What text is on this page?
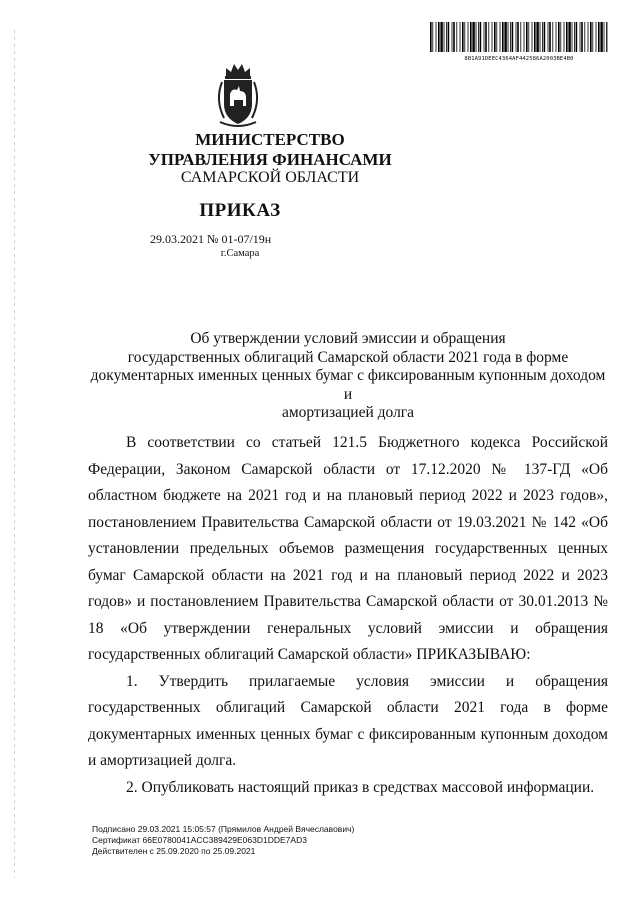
8B1A91DEEC4364AF442586A2003BE4B0
МИНИСТЕРСТВО
УПРАВЛЕНИЯ ФИНАНСАМИ
САМАРСКОЙ ОБЛАСТИ
ПРИКАЗ
29.03.2021 № 01-07/19н
г.Самара
Об утверждении условий эмиссии и обращения
государственных облигаций Самарской области 2021 года в форме
документарных именных ценных бумаг с фиксированным купонным доходом и
амортизацией долга

В соответствии со статьей 121.5 Бюджетного кодекса Российской Федерации, Законом Самарской области от 17.12.2020 № 137-ГД «Об областном бюджете на 2021 год и на плановый период 2022 и 2023 годов», постановлением Правительства Самарской области от 19.03.2021 № 142 «Об установлении предельных объемов размещения государственных ценных бумаг Самарской области на 2021 год и на плановый период 2022 и 2023 годов» и постановлением Правительства Самарской области от 30.01.2013 № 18 «Об утверждении генеральных условий эмиссии и обращения государственных облигаций Самарской области» ПРИКАЗЫВАЮ:

1. Утвердить прилагаемые условия эмиссии и обращения государственных облигаций Самарской области 2021 года в форме документарных именных ценных бумаг с фиксированным купонным доходом и амортизацией долга.

2. Опубликовать настоящий приказ в средствах массовой информации.

Подписано 29.03.2021 15:05:57 (Прямилов Андрей Вячеславович)
Сертификат 66E0780041ACC389429E063D1DDE7AD3
Действителен с 25.09.2020 по 25.09.2021
